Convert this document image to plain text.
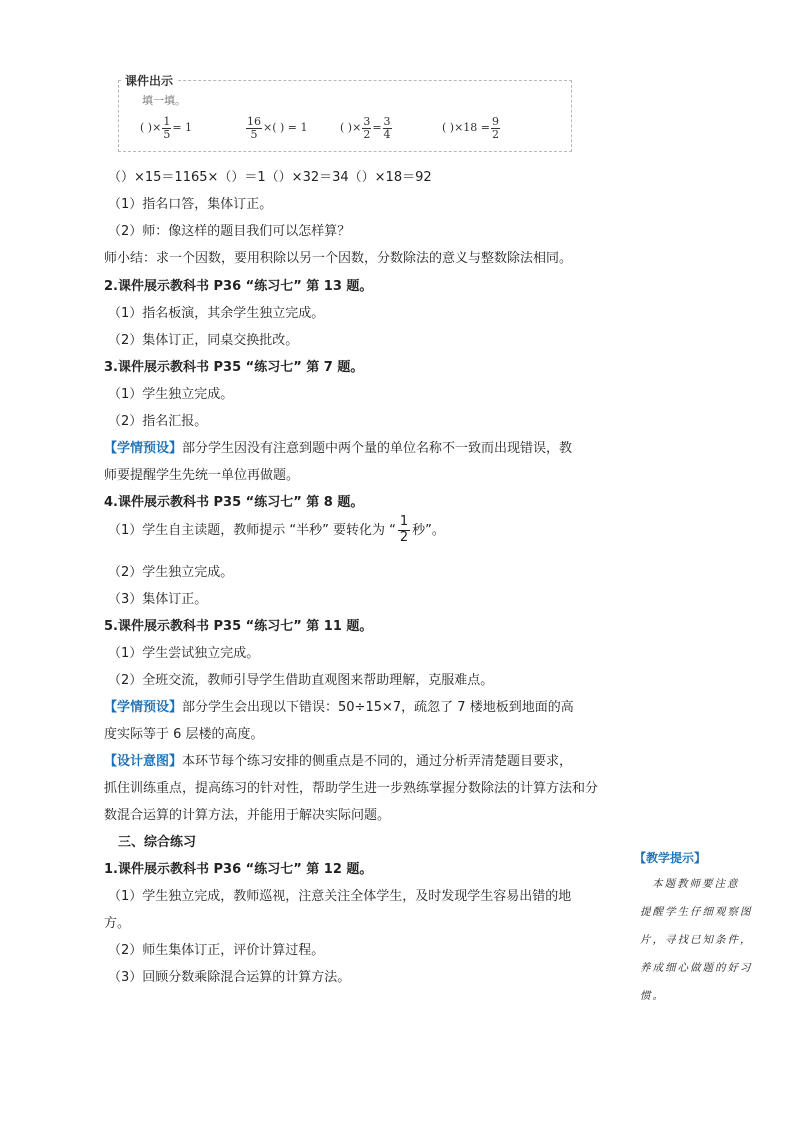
课件出示
填一填。
( )× $\frac{1}{5} = 1$	$\frac{16}{5}$ ×( ) = 1	( )× $\frac{3}{2} = \frac{3}{4}$	( )$\times 18 = \frac{9}{2}$
（）×15＝1165×（）＝1（）×32＝34（）×18＝92
（1）指名口答，集体订正。
（2）师：像这样的题目我们可以怎样算？
师小结：求一个因数，要用积除以另一个因数，分数除法的意义与整数除法相同。
2.课件展示教科书 P36 “练习七” 第 13 题。
（1）指名板演，其余学生独立完成。
（2）集体订正，同桌交换批改。
3.课件展示教科书 P35 “练习七” 第 7 题。
（1）学生独立完成。
（2）指名汇报。
【学情预设】部分学生因没有注意到题中两个量的单位名称不一致而出现错误，教
师要提醒学生先统一单位再做题。
4.课件展示教科书 P35 “练习七” 第 8 题。
（1）学生自主读题，教师提示 “半秒” 要转化为 “ $\frac{1}{2}$ 秒”。
（2）学生独立完成。
（3）集体订正。
5.课件展示教科书 P35 “练习七” 第 11 题。
（1）学生尝试独立完成。
（2）全班交流，教师引导学生借助直观图来帮助理解，克服难点。
【学情预设】部分学生会出现以下错误：50÷15×7，疏忽了 7 楼地板到地面的高
度实际等于 6 层楼的高度。
【设计意图】本环节每个练习安排的侧重点是不同的，通过分析弄清楚题目要求，
抓住训练重点，提高练习的针对性，帮助学生进一步熟练掌握分数除法的计算方法和分
数混合运算的计算方法，并能用于解决实际问题。
三、综合练习
1.课件展示教科书 P36 “练习七” 第 12 题。
（1）学生独立完成，教师巡视，注意关注全体学生，及时发现学生容易出错的地
方。
（2）师生集体订正，评价计算过程。
（3）回顾分数乘除混合运算的计算方法。
【教学提示】
本题教师要注意
提醒学生仔细观察图
片，寻找已知条件，
养成细心做题的好习
惯。
